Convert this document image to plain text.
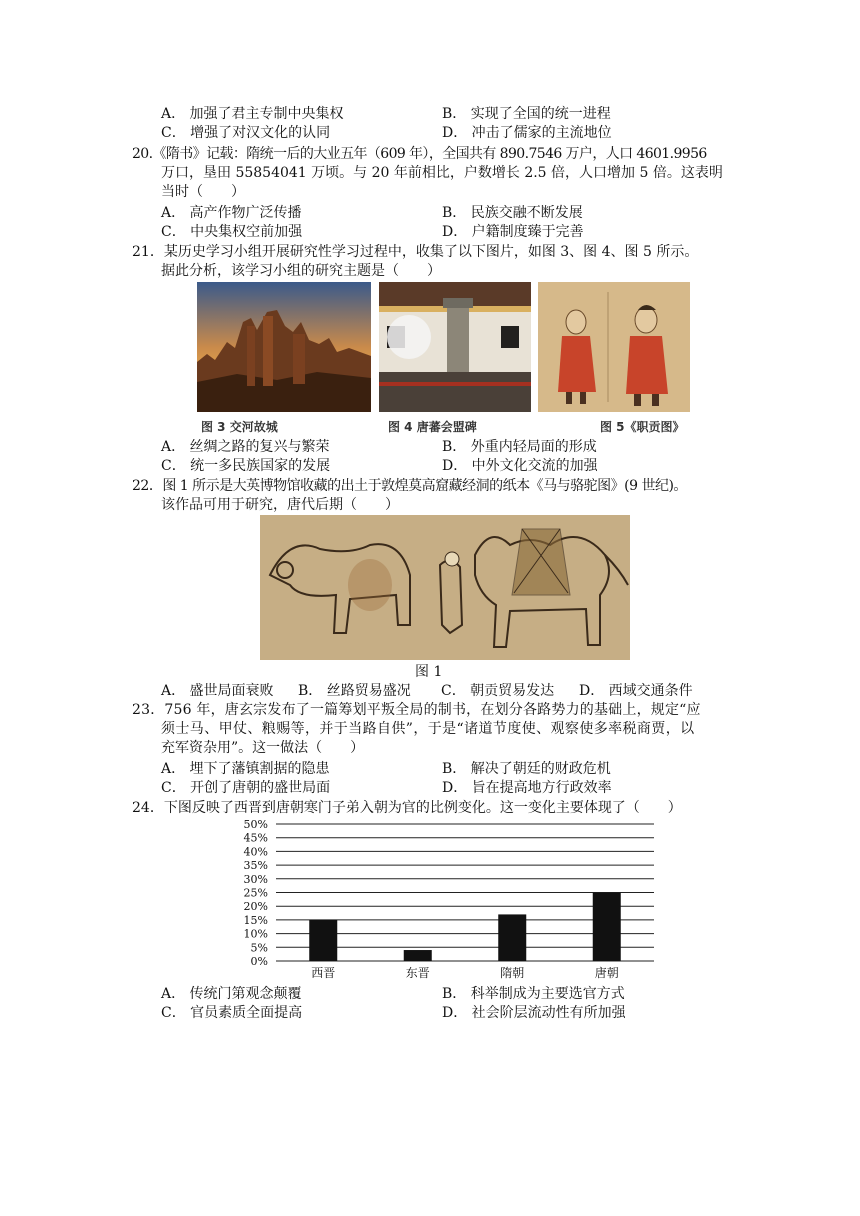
A． 加强了君主专制中央集权	B． 实现了全国的统一进程
C． 增强了对汉文化的认同	D． 冲击了儒家的主流地位
20.《隋书》记载：隋统一后的大业五年（609 年），全国共有 890.7546 万户，人口 4601.9956
万口，垦田 55854041 万顷。与 20 年前相比，户数增长 2.5 倍，人口增加 5 倍。这表明
当时（　　）
A． 高产作物广泛传播	B． 民族交融不断发展
C． 中央集权空前加强	D． 户籍制度臻于完善
21．某历史学习小组开展研究性学习过程中，收集了以下图片，如图 3、图 4、图 5 所示。
据此分析，该学习小组的研究主题是（　　）
图 3 交河故城	图 4 唐蕃会盟碑	图 5《职贡图》
A． 丝绸之路的复兴与繁荣	B． 外重内轻局面的形成
C． 统一多民族国家的发展	D． 中外文化交流的加强
22．图 1 所示是大英博物馆收藏的出土于敦煌莫高窟藏经洞的纸本《马与骆驼图》(9 世纪)。
该作品可用于研究，唐代后期（　　）
图 1
A． 盛世局面衰败 B． 丝路贸易盛况 C． 朝贡贸易发达 D． 西域交通条件
23．756 年，唐玄宗发布了一篇筹划平叛全局的制书，在划分各路势力的基础上，规定“应
须士马、甲仗、粮赐等，并于当路自供”，于是“诸道节度使、观察使多率税商贾，以
充军资杂用”。这一做法（　　）
A． 埋下了藩镇割据的隐患	B． 解决了朝廷的财政危机
C． 开创了唐朝的盛世局面	D． 旨在提高地方行政效率
24．下图反映了西晋到唐朝寒门子弟入朝为官的比例变化。这一变化主要体现了（　　）
0%
5%
10%
15%
20%
25%
30%
35%
40%
45%
50%
西晋	东晋	隋朝	唐朝
A． 传统门第观念颠覆	B． 科举制成为主要选官方式
C． 官员素质全面提高	D． 社会阶层流动性有所加强
